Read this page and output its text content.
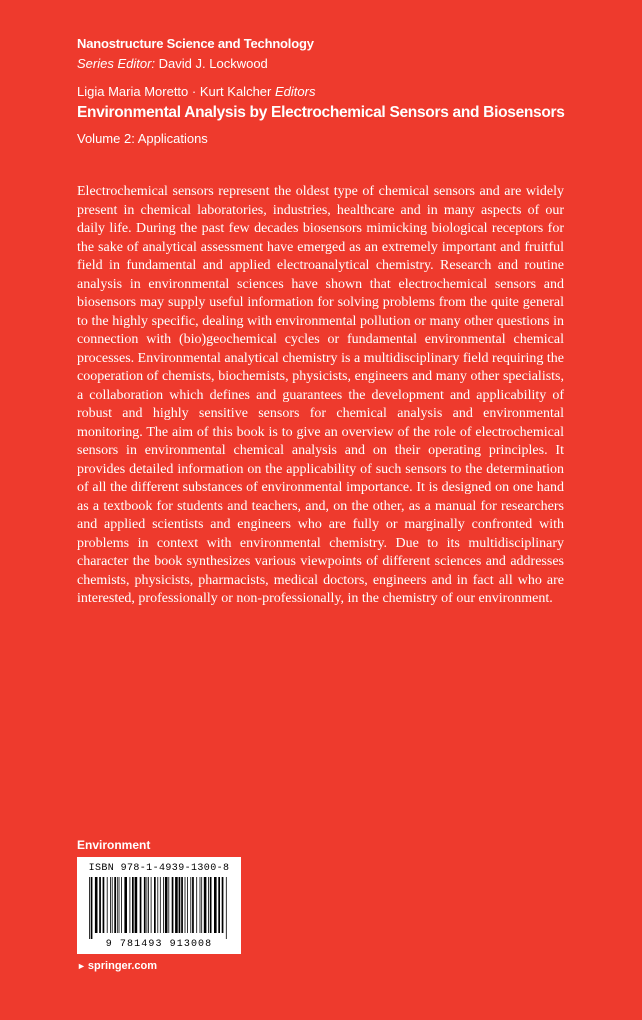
Nanostructure Science and Technology
Series Editor: David J. Lockwood
Ligia Maria Moretto · Kurt Kalcher Editors
Environmental Analysis by Electrochemical Sensors and Biosensors
Volume 2: Applications

Electrochemical sensors represent the oldest type of chemical sensors and are widely present in chemical laboratories, industries, healthcare and in many aspects of our daily life. During the past few decades biosensors mimicking biological receptors for the sake of analytical assessment have emerged as an extremely important and fruitful field in fundamental and applied electroanalytical chemistry. Research and routine analysis in environmental sciences have shown that electrochemical sensors and biosensors may supply useful information for solving problems from the quite general to the highly specific, dealing with environmental pollution or many other questions in connection with (bio)geochemical cycles or fundamental environmental chemical processes. Environmental analytical chemistry is a multidisciplinary field requiring the cooperation of chemists, biochemists, physicists, engineers and many other specialists, a collaboration which defines and guarantees the development and applicability of robust and highly sensitive sensors for chemical analysis and environmental monitoring. The aim of this book is to give an overview of the role of electrochemical sensors in environmental chemical analysis and on their operating principles. It provides detailed information on the applicability of such sensors to the determination of all the different substances of environmental importance. It is designed on one hand as a textbook for students and teachers, and, on the other, as a manual for researchers and applied scientists and engineers who are fully or marginally confronted with problems in context with environmental chemistry. Due to its multidisciplinary character the book synthesizes various viewpoints of different sciences and addresses chemists, physicists, pharmacists, medical doctors, engineers and in fact all who are interested, professionally or non-professionally, in the chemistry of our environment.

Environment
ISBN 978-1-4939-1300-8
9 781493 913008
► springer.com
